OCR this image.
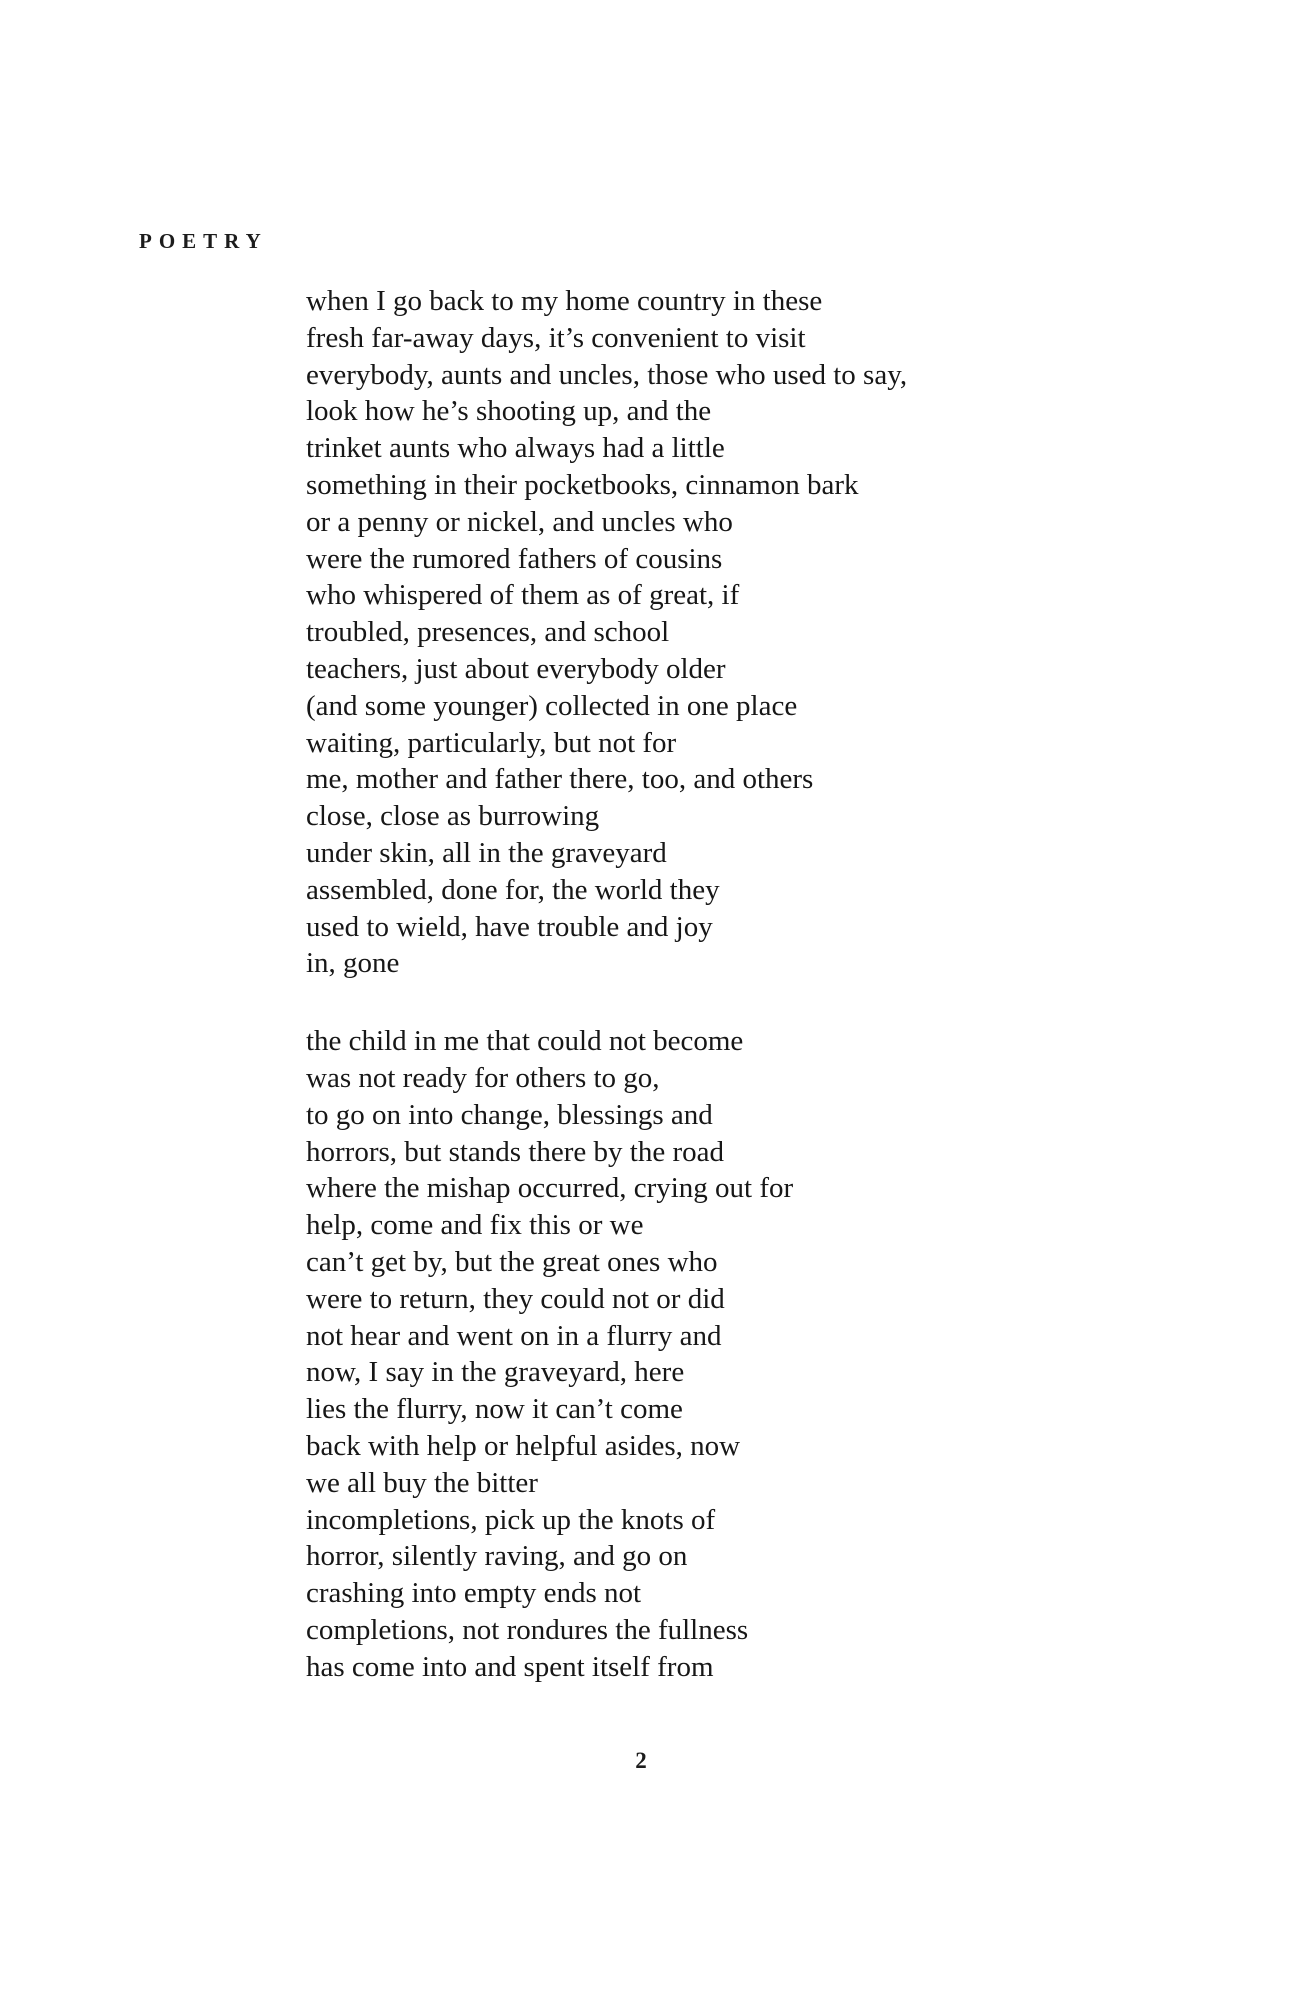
POETRY
when I go back to my home country in these
fresh far-away days, it’s convenient to visit
everybody, aunts and uncles, those who used to say,
look how he’s shooting up, and the
trinket aunts who always had a little
something in their pocketbooks, cinnamon bark
or a penny or nickel, and uncles who
were the rumored fathers of cousins
who whispered of them as of great, if
troubled, presences, and school
teachers, just about everybody older
(and some younger) collected in one place
waiting, particularly, but not for
me, mother and father there, too, and others
close, close as burrowing
under skin, all in the graveyard
assembled, done for, the world they
used to wield, have trouble and joy
in, gone
the child in me that could not become
was not ready for others to go,
to go on into change, blessings and
horrors, but stands there by the road
where the mishap occurred, crying out for
help, come and fix this or we
can’t get by, but the great ones who
were to return, they could not or did
not hear and went on in a flurry and
now, I say in the graveyard, here
lies the flurry, now it can’t come
back with help or helpful asides, now
we all buy the bitter
incompletions, pick up the knots of
horror, silently raving, and go on
crashing into empty ends not
completions, not rondures the fullness
has come into and spent itself from
2
